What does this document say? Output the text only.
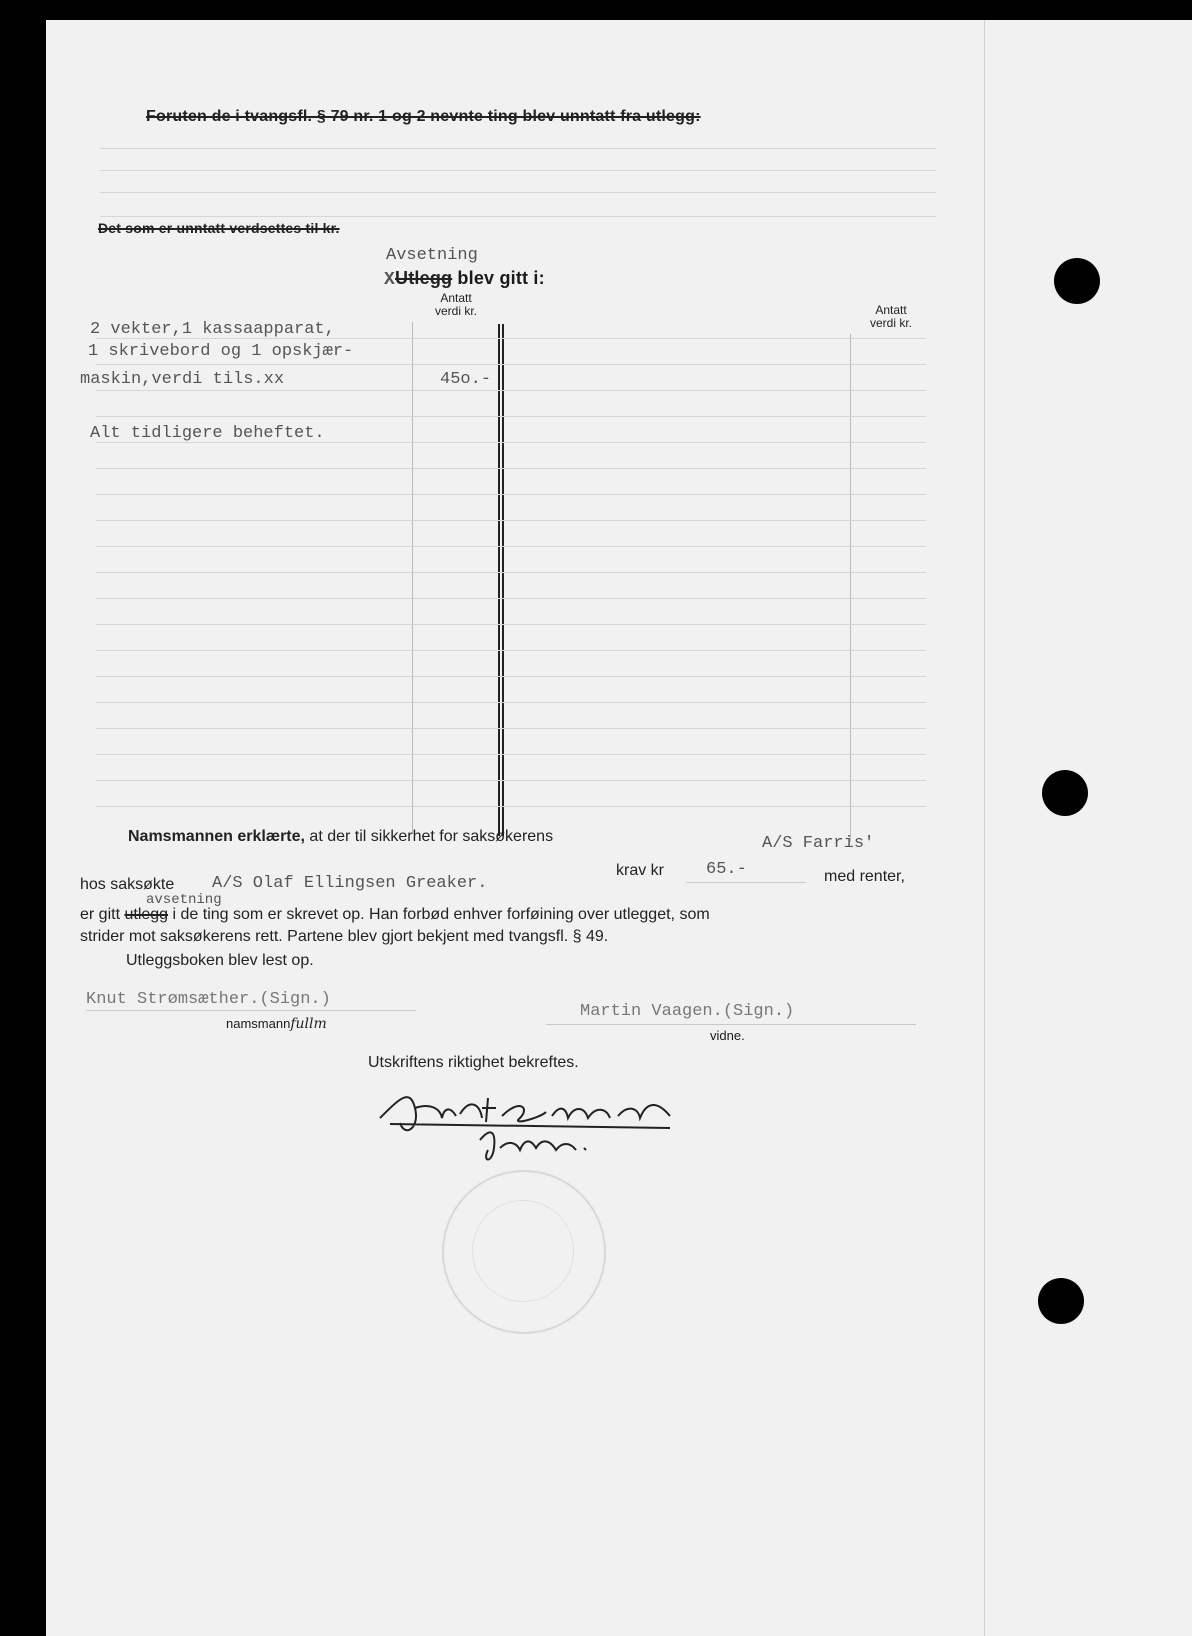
Foruten de i tvangsfl. § 79 nr. 1 og 2 nevnte ting blev unntatt fra utlegg:
Det som er unntatt verdsettes til kr.
Avsetning
XUtlegg blev gitt i:
Antatt
verdi kr.	Antatt
verdi kr.
2 vekter,1 kassaapparat,
1 skrivebord og 1 opskjær-
maskin,verdi tils.xx	45o.-
Alt tidligere beheftet.
Namsmannen erklærte, at der til sikkerhet for saksøkerens	A/S Farris'
krav kr 65.-	med renter,
hos saksøkte A/S Olaf Ellingsen Greaker.
avsetning
er gitt utlegg i de ting som er skrevet op. Han forbød enhver forføining over utlegget, som
strider mot saksøkerens rett. Partene blev gjort bekjent med tvangsfl. § 49.
Utleggsboken blev lest op.
Knut Strømsæther.(Sign.)
namsmannfullm
Martin Vaagen.(Sign.)
vidne.
Utskriftens riktighet bekreftes.
